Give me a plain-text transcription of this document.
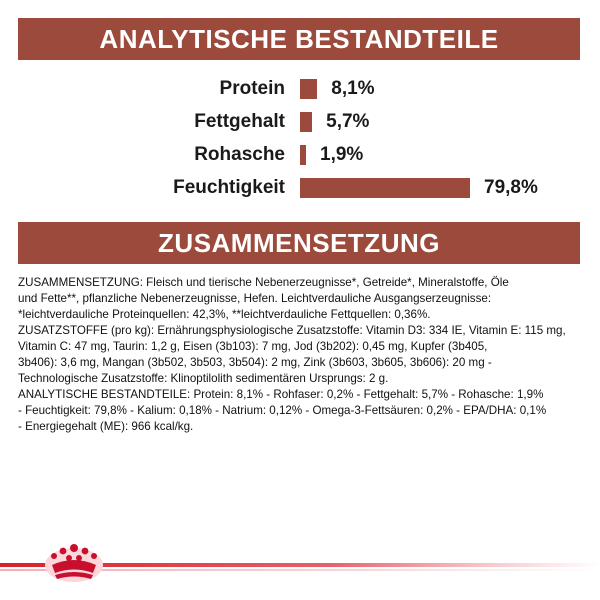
ANALYTISCHE BESTANDTEILE
Protein 8,1%
Fettgehalt 5,7%
Rohasche 1,9%
Feuchtigkeit	79,8%
ZUSAMMENSETZUNG

ZUSAMMENSETZUNG: Fleisch und tierische Nebenerzeugnisse*, Getreide*, Mineralstoffe, Öle
und Fette**, pflanzliche Nebenerzeugnisse, Hefen. Leichtverdauliche Ausgangserzeugnisse:
*leichtverdauliche Proteinquellen: 42,3%, **leichtverdauliche Fettquellen: 0,36%.
ZUSATZSTOFFE (pro kg): Ernährungsphysiologische Zusatzstoffe: Vitamin D3: 334 IE, Vitamin E: 115 mg,
Vitamin C: 47 mg, Taurin: 1,2 g, Eisen (3b103): 7 mg, Jod (3b202): 0,45 mg, Kupfer (3b405,
3b406): 3,6 mg, Mangan (3b502, 3b503, 3b504): 2 mg, Zink (3b603, 3b605, 3b606): 20 mg -
Technologische Zusatzstoffe: Klinoptilolith sedimentären Ursprungs: 2 g.
ANALYTISCHE BESTANDTEILE: Protein: 8,1% - Rohfaser: 0,2% - Fettgehalt: 5,7% - Rohasche: 1,9%
- Feuchtigkeit: 79,8% - Kalium: 0,18% - Natrium: 0,12% - Omega-3-Fettsäuren: 0,2% - EPA/DHA: 0,1%
- Energiegehalt (ME): 966 kcal/kg.
